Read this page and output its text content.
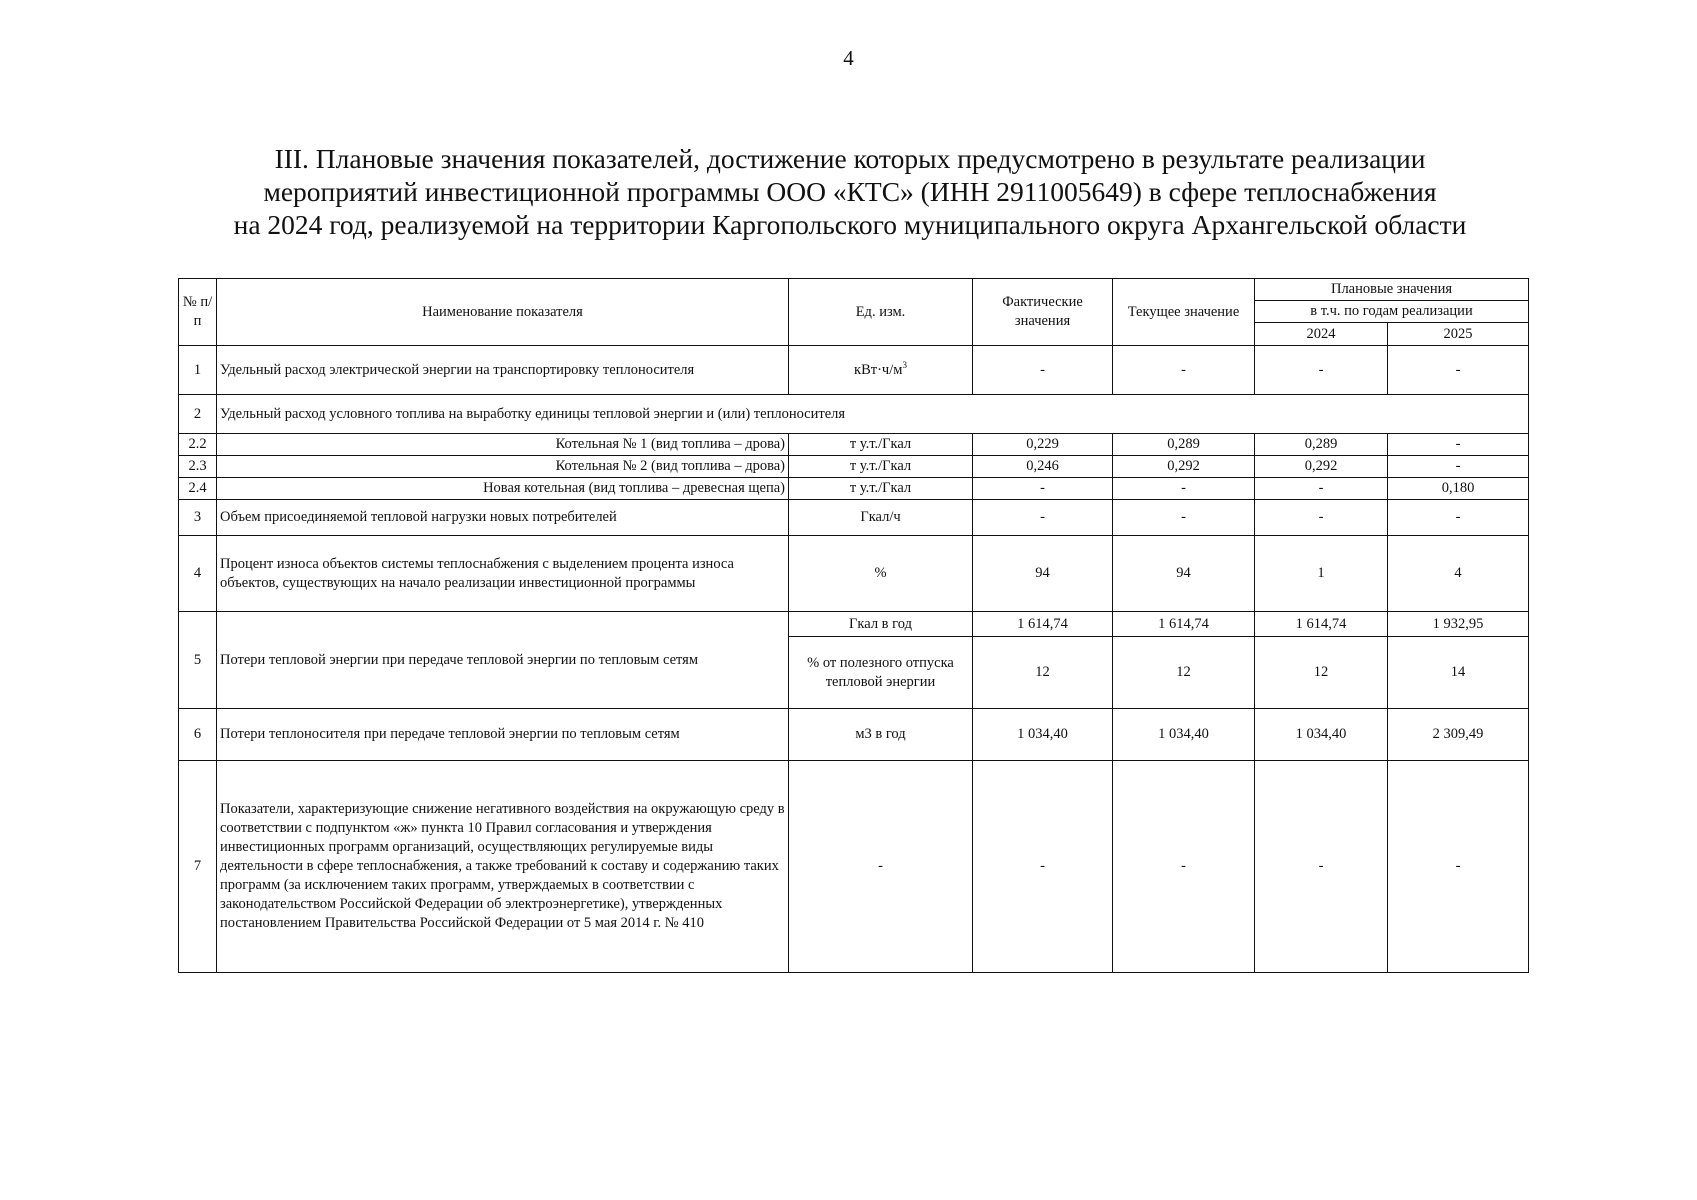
4
III. Плановые значения показателей, достижение которых предусмотрено в результате реализации
мероприятий инвестиционной программы ООО «КТС» (ИНН 2911005649) в сфере теплоснабжения
на 2024 год, реализуемой на территории Каргопольского муниципального округа Архангельской области
№ п/п	Наименование показателя	Ед. изм.	Фактические значения	Текущее значение	Плановые значения	
					в т.ч. по годам реализации	
					2024	2025
1	Удельный расход электрической энергии на транспортировку теплоносителя	$кВт\cdot ч/м^3$	-	-	-	-
2	Удельный расход условного топлива на выработку единицы тепловой энергии и (или) теплоносителя					
2.2	Котельная № 1 (вид топлива – дрова)	т у.т./Гкал	0,229	0,289	0,289	-
2.3	Котельная № 2 (вид топлива – дрова)	т у.т./Гкал	0,246	0,292	0,292	-
2.4	Новая котельная (вид топлива – древесная щепа)	т у.т./Гкал	-	-	-	0,180
3	Объем присоединяемой тепловой нагрузки новых потребителей	Гкал/ч	-	-	-	-
4	Процент износа объектов системы теплоснабжения с выделением процента износа объектов, существующих на начало реализации инвестиционной программы	%	94	94	1	4
5	Потери тепловой энергии при передаче тепловой энергии по тепловым сетям	Гкал в год	1 614,74	1 614,74	1 614,74	1 932,95
		% от полезного отпуска тепловой энергии	12	12	12	14
6	Потери теплоносителя при передаче тепловой энергии по тепловым сетям	м3 в год	1 034,40	1 034,40	1 034,40	2 309,49
7	Показатели, характеризующие снижение негативного воздействия на окружающую среду в соответствии с подпунктом «ж» пункта 10 Правил согласования и утверждения инвестиционных программ организаций, осуществляющих регулируемые виды деятельности в сфере теплоснабжения, а также требований к составу и содержанию таких программ (за исключением таких программ, утверждаемых в соответствии с законодательством Российской Федерации об электроэнергетике), утвержденных постановлением Правительства Российской Федерации от 5 мая 2014 г. № 410	-	-	-	-	-
